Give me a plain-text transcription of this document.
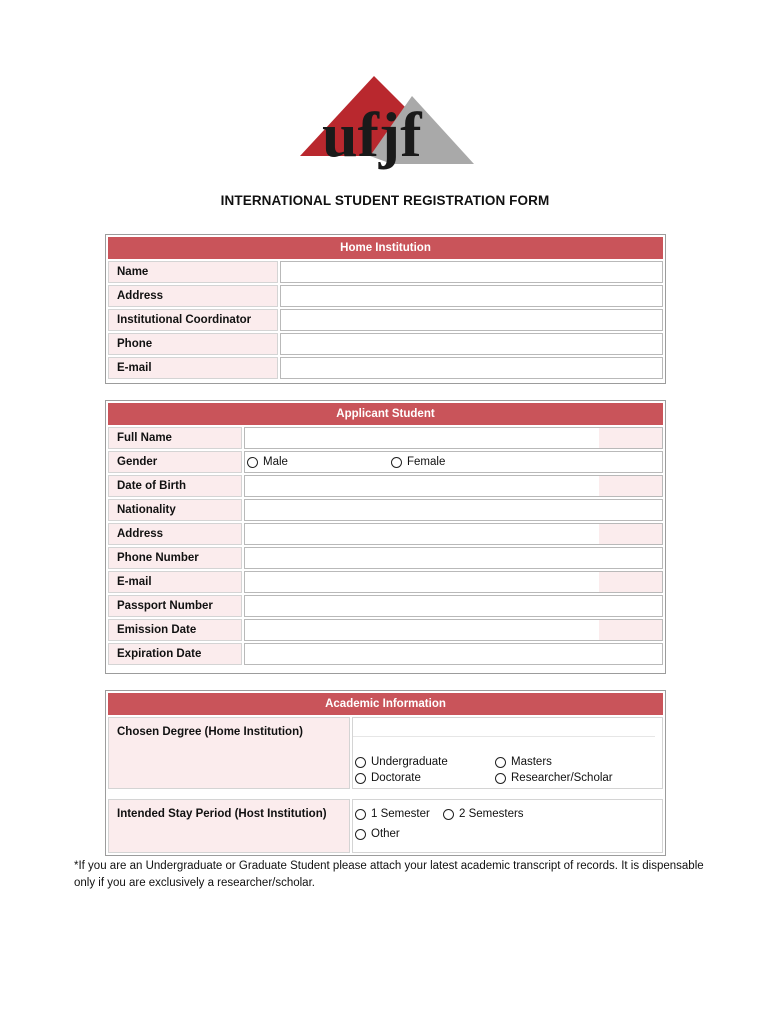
ufjf
INTERNATIONAL STUDENT REGISTRATION FORM
Home Institution
Name
Address
Institutional Coordinator
Phone
E-mail
Applicant Student
Full Name
Gender	Male	Female
Date of Birth
Nationality
Address
Phone Number
E-mail
Passport Number
Emission Date
Expiration Date
Academic Information
Chosen Degree (Home Institution)
Undergraduate	Masters
Doctorate	Researcher/Scholar
Intended Stay Period (Host Institution)	1 Semester	2 Semesters
Other
*If you are an Undergraduate or Graduate Student please attach your latest academic transcript of records. It is dispensable only if you are exclusively a researcher/scholar.
